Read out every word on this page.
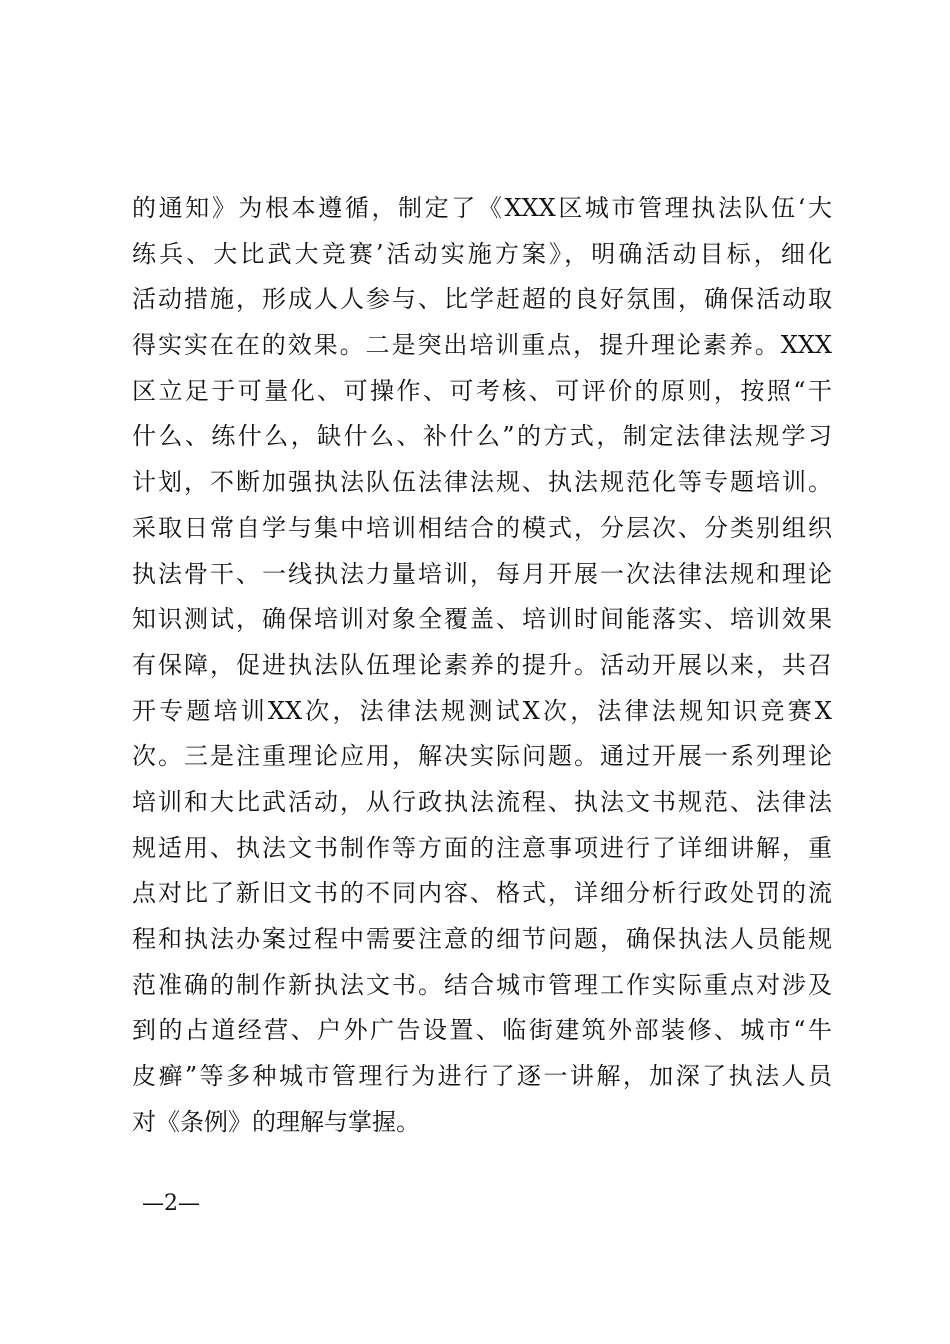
的通知》为根本遵循，制定了《XXX区城市管理执法队伍‘大
练兵、大比武大竞赛’活动实施方案》，明确活动目标，细化
活动措施，形成人人参与、比学赶超的良好氛围，确保活动取
得实实在在的效果。二是突出培训重点，提升理论素养。XXX
区立足于可量化、可操作、可考核、可评价的原则，按照“干
什么、练什么，缺什么、补什么”的方式，制定法律法规学习
计划，不断加强执法队伍法律法规、执法规范化等专题培训。
采取日常自学与集中培训相结合的模式，分层次、分类别组织
执法骨干、一线执法力量培训，每月开展一次法律法规和理论
知识测试，确保培训对象全覆盖、培训时间能落实、培训效果
有保障，促进执法队伍理论素养的提升。活动开展以来，共召
开专题培训XX次，法律法规测试X次，法律法规知识竞赛X
次。三是注重理论应用，解决实际问题。通过开展一系列理论
培训和大比武活动，从行政执法流程、执法文书规范、法律法
规适用、执法文书制作等方面的注意事项进行了详细讲解，重
点对比了新旧文书的不同内容、格式，详细分析行政处罚的流
程和执法办案过程中需要注意的细节问题，确保执法人员能规
范准确的制作新执法文书。结合城市管理工作实际重点对涉及
到的占道经营、户外广告设置、临街建筑外部装修、城市“牛
皮癣”等多种城市管理行为进行了逐一讲解，加深了执法人员
对《条例》的理解与掌握。
—2—
